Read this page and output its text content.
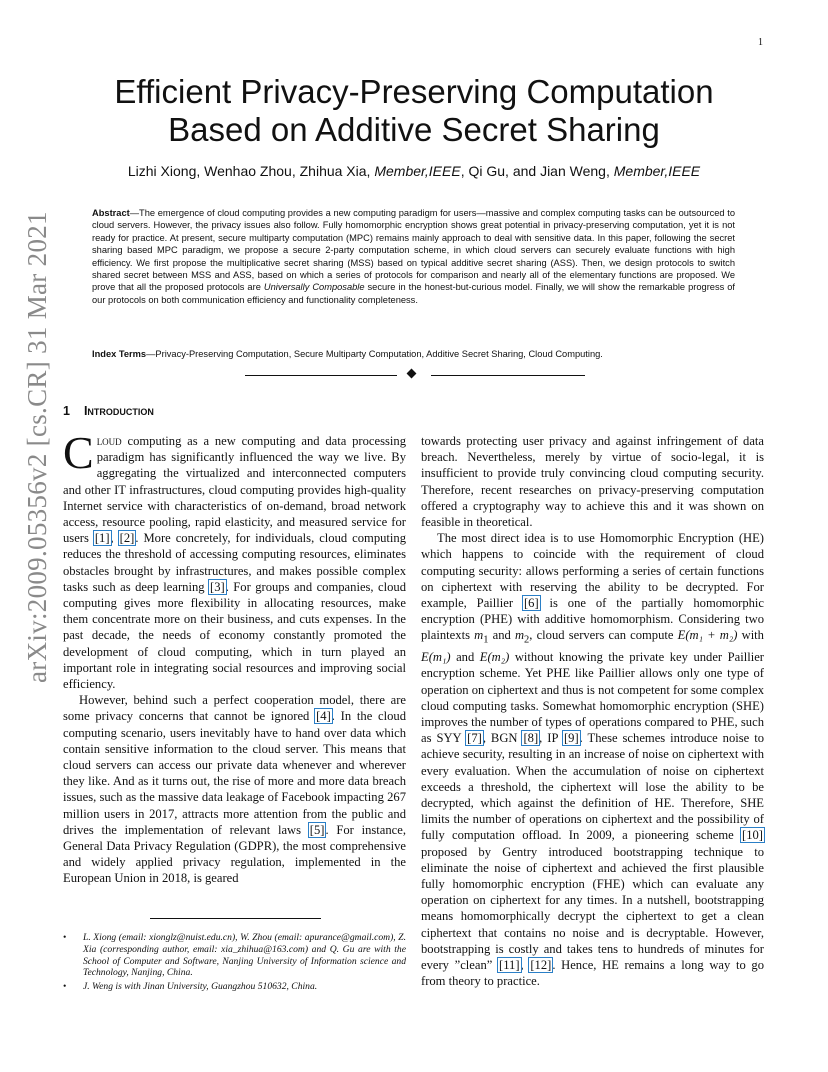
1
arXiv:2009.05356v2 [cs.CR] 31 Mar 2021
Efficient Privacy-Preserving Computation
Based on Additive Secret Sharing
Lizhi Xiong, Wenhao Zhou, Zhihua Xia, Member,IEEE, Qi Gu, and Jian Weng, Member,IEEE

Abstract—The emergence of cloud computing provides a new computing paradigm for users—massive and complex computing tasks can be outsourced to cloud servers. However, the privacy issues also follow. Fully homomorphic encryption shows great potential in privacy-preserving computation, yet it is not ready for practice. At present, secure multiparty computation (MPC) remains mainly approach to deal with sensitive data. In this paper, following the secret sharing based MPC paradigm, we propose a secure 2-party computation scheme, in which cloud servers can securely evaluate functions with high efficiency. We first propose the multiplicative secret sharing (MSS) based on typical additive secret sharing (ASS). Then, we design protocols to switch shared secret between MSS and ASS, based on which a series of protocols for comparison and nearly all of the elementary functions are proposed. We prove that all the proposed protocols are Universally Composable secure in the honest-but-curious model. Finally, we will show the remarkable progress of our protocols on both communication efficiency and functionality completeness.

Index Terms—Privacy-Preserving Computation, Secure Multiparty Computation, Additive Secret Sharing, Cloud Computing.

1 Introduction

Cloud computing as a new computing and data processing paradigm has significantly influenced the way we live. By aggregating the virtualized and interconnected computers and other IT infrastructures, cloud computing provides high-quality Internet service with characteristics of on-demand, broad network access, resource pooling, rapid elasticity, and measured service for users [1], [2]. More concretely, for individuals, cloud computing reduces the threshold of accessing computing resources, eliminates obstacles brought by infrastructures, and makes possible complex tasks such as deep learning [3]. For groups and companies, cloud computing gives more flexibility in allocating resources, make them concentrate more on their business, and cuts expenses. In the past decade, the needs of economy constantly promoted the development of cloud computing, which in turn played an important role in integrating social resources and improving social efficiency.

However, behind such a perfect cooperation model, there are some privacy concerns that cannot be ignored [4]. In the cloud computing scenario, users inevitably have to hand over data which contain sensitive information to the cloud server. This means that cloud servers can access our private data whenever and wherever they like. And as it turns out, the rise of more and more data breach issues, such as the massive data leakage of Facebook impacting 267 million users in 2017, attracts more attention from the public and drives the implementation of relevant laws [5]. For instance, General Data Privacy Regulation (GDPR), the most comprehensive and widely applied privacy regulation, implemented in the European Union in 2018, is geared

towards protecting user privacy and against infringement of data breach. Nevertheless, merely by virtue of socio-legal, it is insufficient to provide truly convincing cloud computing security. Therefore, recent researches on privacy-preserving computation offered a cryptography way to achieve this and it was shown on feasible in theoretical.

The most direct idea is to use Homomorphic Encryption (HE) which happens to coincide with the requirement of cloud computing security: allows performing a series of certain functions on ciphertext with reserving the ability to be decrypted. For example, Paillier [6] is one of the partially homomorphic encryption (PHE) with additive homomorphism. Considering two plaintexts $m_1$ and $m_2$, cloud servers can compute E(m₁ + m₂) with E(m₁) and E(m₂) without knowing the private key under Paillier encryption scheme. Yet PHE like Paillier allows only one type of operation on ciphertext and thus is not competent for some complex cloud computing tasks. Somewhat homomorphic encryption (SHE) improves the number of types of operations compared to PHE, such as SYY [7], BGN [8], IP [9]. These schemes introduce noise to achieve security, resulting in an increase of noise on ciphertext with every evaluation. When the accumulation of noise on ciphertext exceeds a threshold, the ciphertext will lose the ability to be decrypted, which against the definition of HE. Therefore, SHE limits the number of operations on ciphertext and the possibility of fully computation offload. In 2009, a pioneering scheme [10] proposed by Gentry introduced bootstrapping technique to eliminate the noise of ciphertext and achieved the first plausible fully homomorphic encryption (FHE) which can evaluate any operation on ciphertext for any times. In a nutshell, bootstrapping means homomorphically decrypt the ciphertext to get a clean ciphertext that contains no noise and is decryptable. However, bootstrapping is costly and takes tens to hundreds of minutes for every ”clean” [11], [12]. Hence, HE remains a long way to go from theory to practice.

• L. Xiong (email: xionglz@nuist.edu.cn), W. Zhou (email: apurance@gmail.com), Z. Xia (corresponding author, email: xia_zhihua@163.com) and Q. Gu are with the School of Computer and Software, Nanjing University of Information science and Technology, Nanjing, China.
• J. Weng is with Jinan University, Guangzhou 510632, China.
